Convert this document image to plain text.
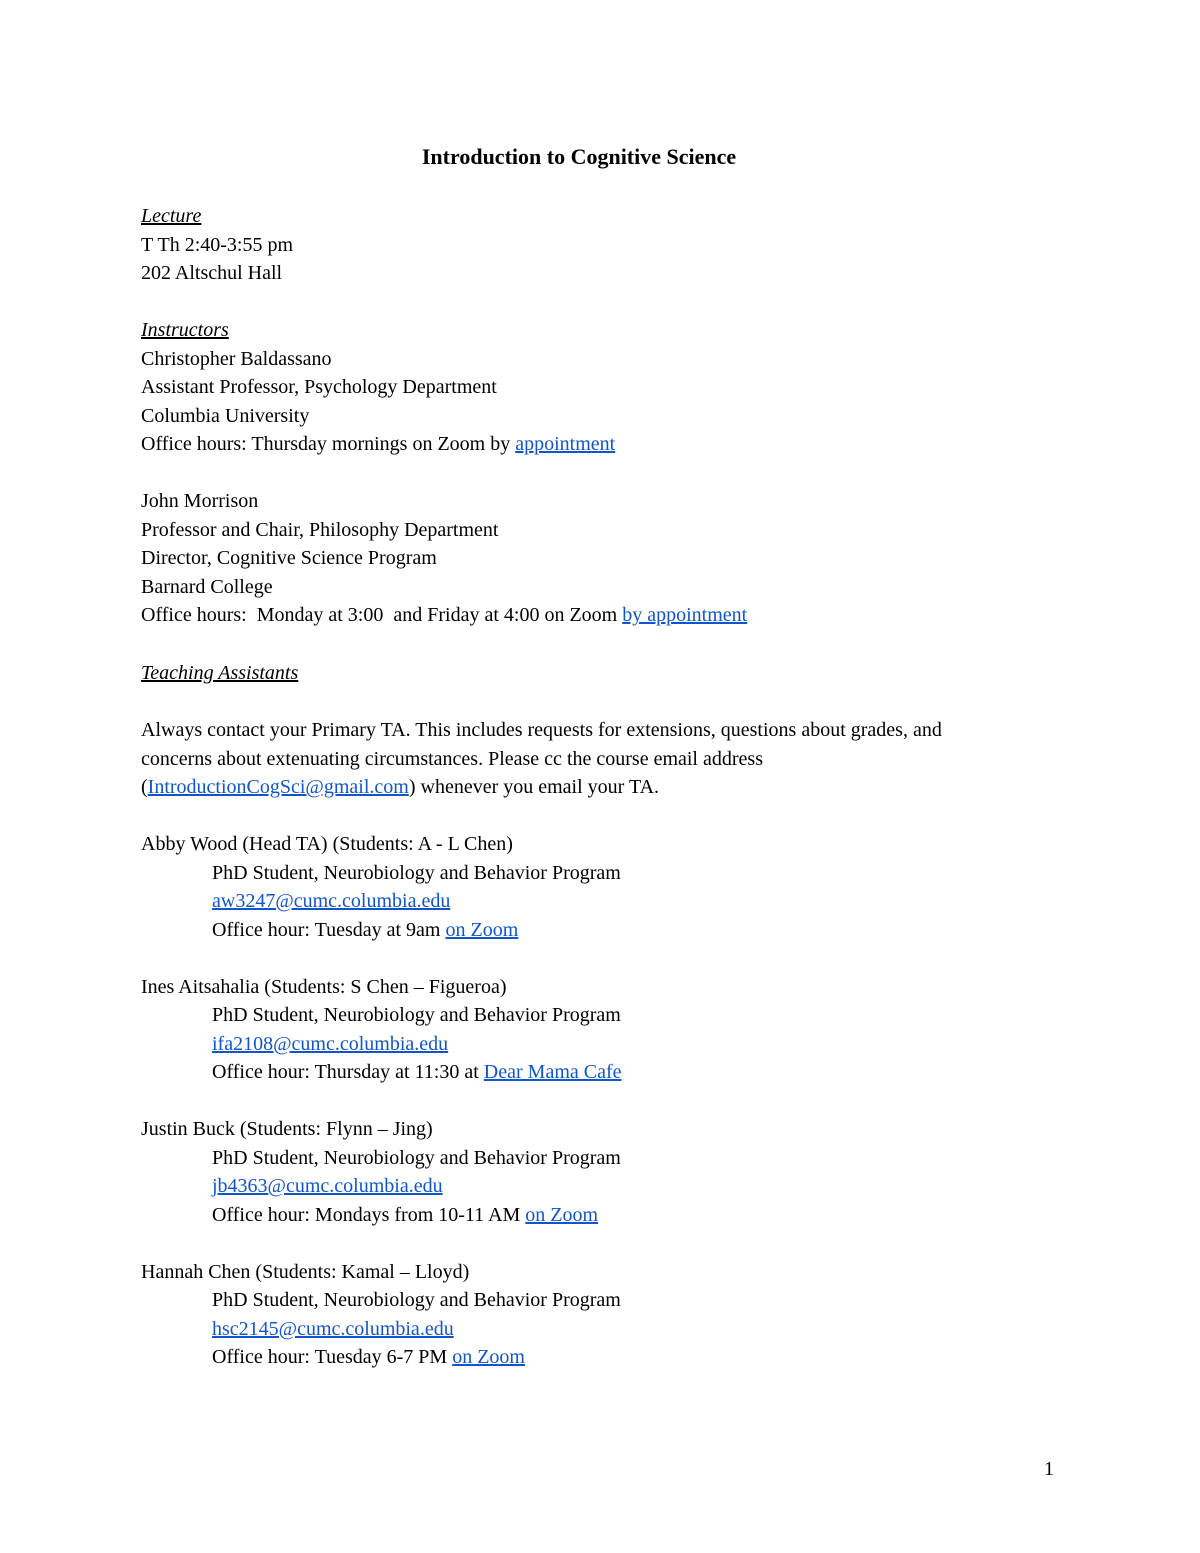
Introduction to Cognitive Science
Lecture
T Th 2:40-3:55 pm
202 Altschul Hall
Instructors
Christopher Baldassano
Assistant Professor, Psychology Department
Columbia University
Office hours: Thursday mornings on Zoom by appointment
John Morrison
Professor and Chair, Philosophy Department
Director, Cognitive Science Program
Barnard College
Office hours:  Monday at 3:00  and Friday at 4:00 on Zoom by appointment
Teaching Assistants
Always contact your Primary TA. This includes requests for extensions, questions about grades, and
concerns about extenuating circumstances. Please cc the course email address
(IntroductionCogSci@gmail.com) whenever you email your TA.
Abby Wood (Head TA) (Students: A - L Chen)
PhD Student, Neurobiology and Behavior Program
aw3247@cumc.columbia.edu
Office hour: Tuesday at 9am on Zoom
Ines Aitsahalia (Students: S Chen – Figueroa)
PhD Student, Neurobiology and Behavior Program
ifa2108@cumc.columbia.edu
Office hour: Thursday at 11:30 at Dear Mama Cafe
Justin Buck (Students: Flynn – Jing)
PhD Student, Neurobiology and Behavior Program
jb4363@cumc.columbia.edu
Office hour: Mondays from 10-11 AM on Zoom
Hannah Chen (Students: Kamal – Lloyd)
PhD Student, Neurobiology and Behavior Program
hsc2145@cumc.columbia.edu
Office hour: Tuesday 6-7 PM on Zoom
1
